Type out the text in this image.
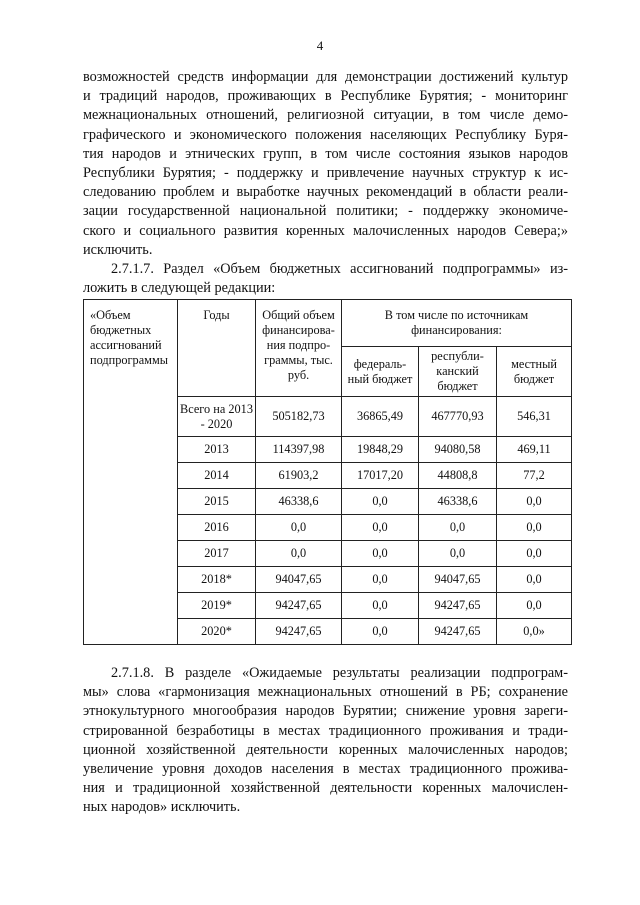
4
возможностей средств информации для демонстрации достижений культур
и традиций народов, проживающих в Республике Бурятия; - мониторинг
межнациональных отношений, религиозной ситуации, в том числе демо-
графического и экономического положения населяющих Республику Буря-
тия народов и этнических групп, в том числе состояния языков народов
Республики Бурятия; - поддержку и привлечение научных структур к ис-
следованию проблем и выработке научных рекомендаций в области реали-
зации государственной национальной политики; - поддержку экономиче-
ского и социального развития коренных малочисленных народов Севера;»
исключить.
2.7.1.7. Раздел «Объем бюджетных ассигнований подпрограммы» из-
ложить в следующей редакции:
«Объем бюджетных ассигнований подпрограммы	Годы	Общий объем финансирова-ния подпро-граммы, тыс. руб.	В том числе по источникам финансирования:		
			федераль-ный бюджет	республи-канский бюджет	местный бюджет
	Всего на 2013 - 2020	505182,73	36865,49	467770,93	546,31
	2013	114397,98	19848,29	94080,58	469,11
	2014	61903,2	17017,20	44808,8	77,2
	2015	46338,6	0,0	46338,6	0,0
	2016	0,0	0,0	0,0	0,0
	2017	0,0	0,0	0,0	0,0
	2018*	94047,65	0,0	94047,65	0,0
	2019*	94247,65	0,0	94247,65	0,0
	2020*	94247,65	0,0	94247,65	0,0»
2.7.1.8. В разделе «Ожидаемые результаты реализации подпрограм-
мы» слова «гармонизация межнациональных отношений в РБ; сохранение
этнокультурного многообразия народов Бурятии; снижение уровня зареги-
стрированной безработицы в местах традиционного проживания и тради-
ционной хозяйственной деятельности коренных малочисленных народов;
увеличение уровня доходов населения в местах традиционного прожива-
ния и традиционной хозяйственной деятельности коренных малочислен-
ных народов» исключить.
